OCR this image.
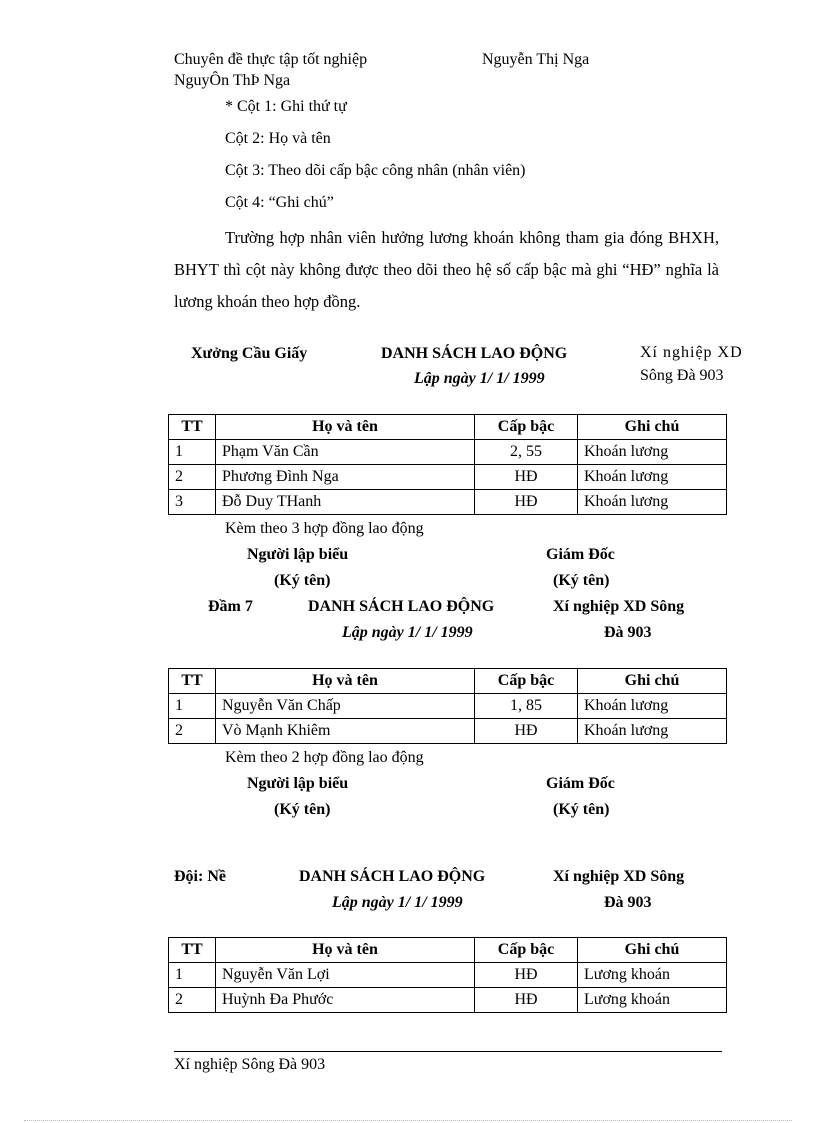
Chuyên đề thực tập tốt nghiệp	Nguyễn Thị Nga
NguyÔn ThÞ Nga
* Cột 1: Ghi thứ tự
Cột 2: Họ và tên
Cột 3: Theo dõi cấp bậc công nhân (nhân viên)
Cột 4: “Ghi chú”
Trường hợp nhân viên hưởng lương khoán không tham gia đóng BHXH, BHYT thì cột này không được theo dõi theo hệ số cấp bậc mà ghi “HĐ” nghĩa là lương khoán theo hợp đồng.
Xưởng Cầu Giấy	DANH SÁCH LAO ĐỘNG
Lập ngày 1/ 1/ 1999
Xí nghiệp XD
Sông Đà 903
TT	Họ và tên	Cấp bậc	Ghi chú
1	Phạm Văn Cần	2, 55	Khoán lương
2	Phương Đình Nga	HĐ	Khoán lương
3	Đỗ Duy THanh	HĐ	Khoán lương
Kèm theo 3 hợp đồng lao động
Người lập biểu	Giám Đốc
(Ký tên)	(Ký tên)
Đầm 7	DANH SÁCH LAO ĐỘNG
Lập ngày 1/ 1/ 1999
Xí nghiệp XD Sông
Đà 903
TT	Họ và tên	Cấp bậc	Ghi chú
1	Nguyễn Văn Chấp	1, 85	Khoán lương
2	Vò Mạnh Khiêm	HĐ	Khoán lương
Kèm theo 2 hợp đồng lao động
Người lập biểu	Giám Đốc
(Ký tên)	(Ký tên)
Đội: Nề	DANH SÁCH LAO ĐỘNG
Lập ngày 1/ 1/ 1999
Xí nghiệp XD Sông
Đà 903
TT	Họ và tên	Cấp bậc	Ghi chú
1	Nguyễn Văn Lợi	HĐ	Lương khoán
2	Huỳnh Đa Phước	HĐ	Lương khoán
Xí nghiệp Sông Đà 903
